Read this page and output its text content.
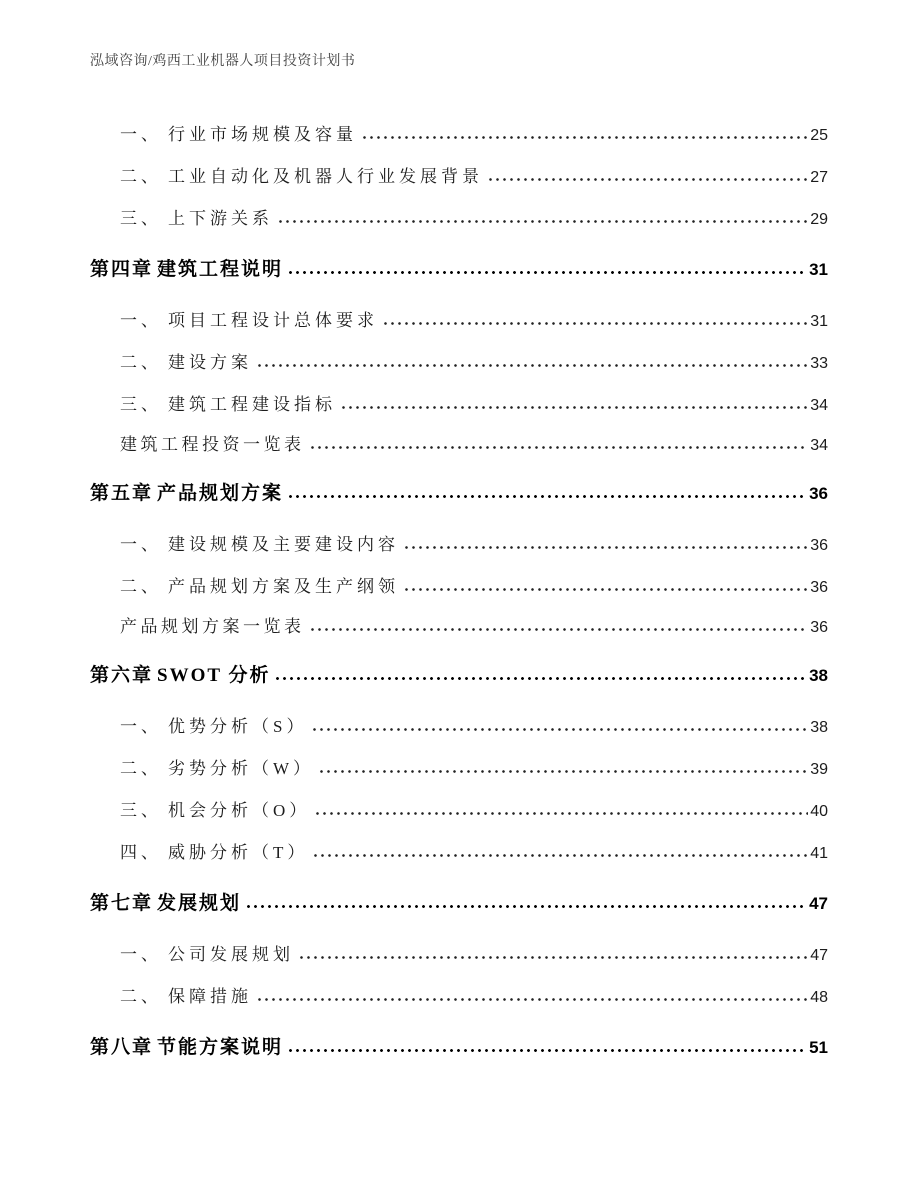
泓域咨询/鸡西工业机器人项目投资计划书
一、 行业市场规模及容量	25
二、 工业自动化及机器人行业发展背景	27
三、 上下游关系	29
第四章 建筑工程说明	31
一、 项目工程设计总体要求	31
二、 建设方案	33
三、 建筑工程建设指标	34
建筑工程投资一览表	34
第五章 产品规划方案	36
一、 建设规模及主要建设内容	36
二、 产品规划方案及生产纲领	36
产品规划方案一览表	36
第六章 SWOT 分析	38
一、 优势分析（S）	38
二、 劣势分析（W）	39
三、 机会分析（O）	40
四、 威胁分析（T）	41
第七章 发展规划	47
一、 公司发展规划	47
二、 保障措施	48
第八章 节能方案说明	51
